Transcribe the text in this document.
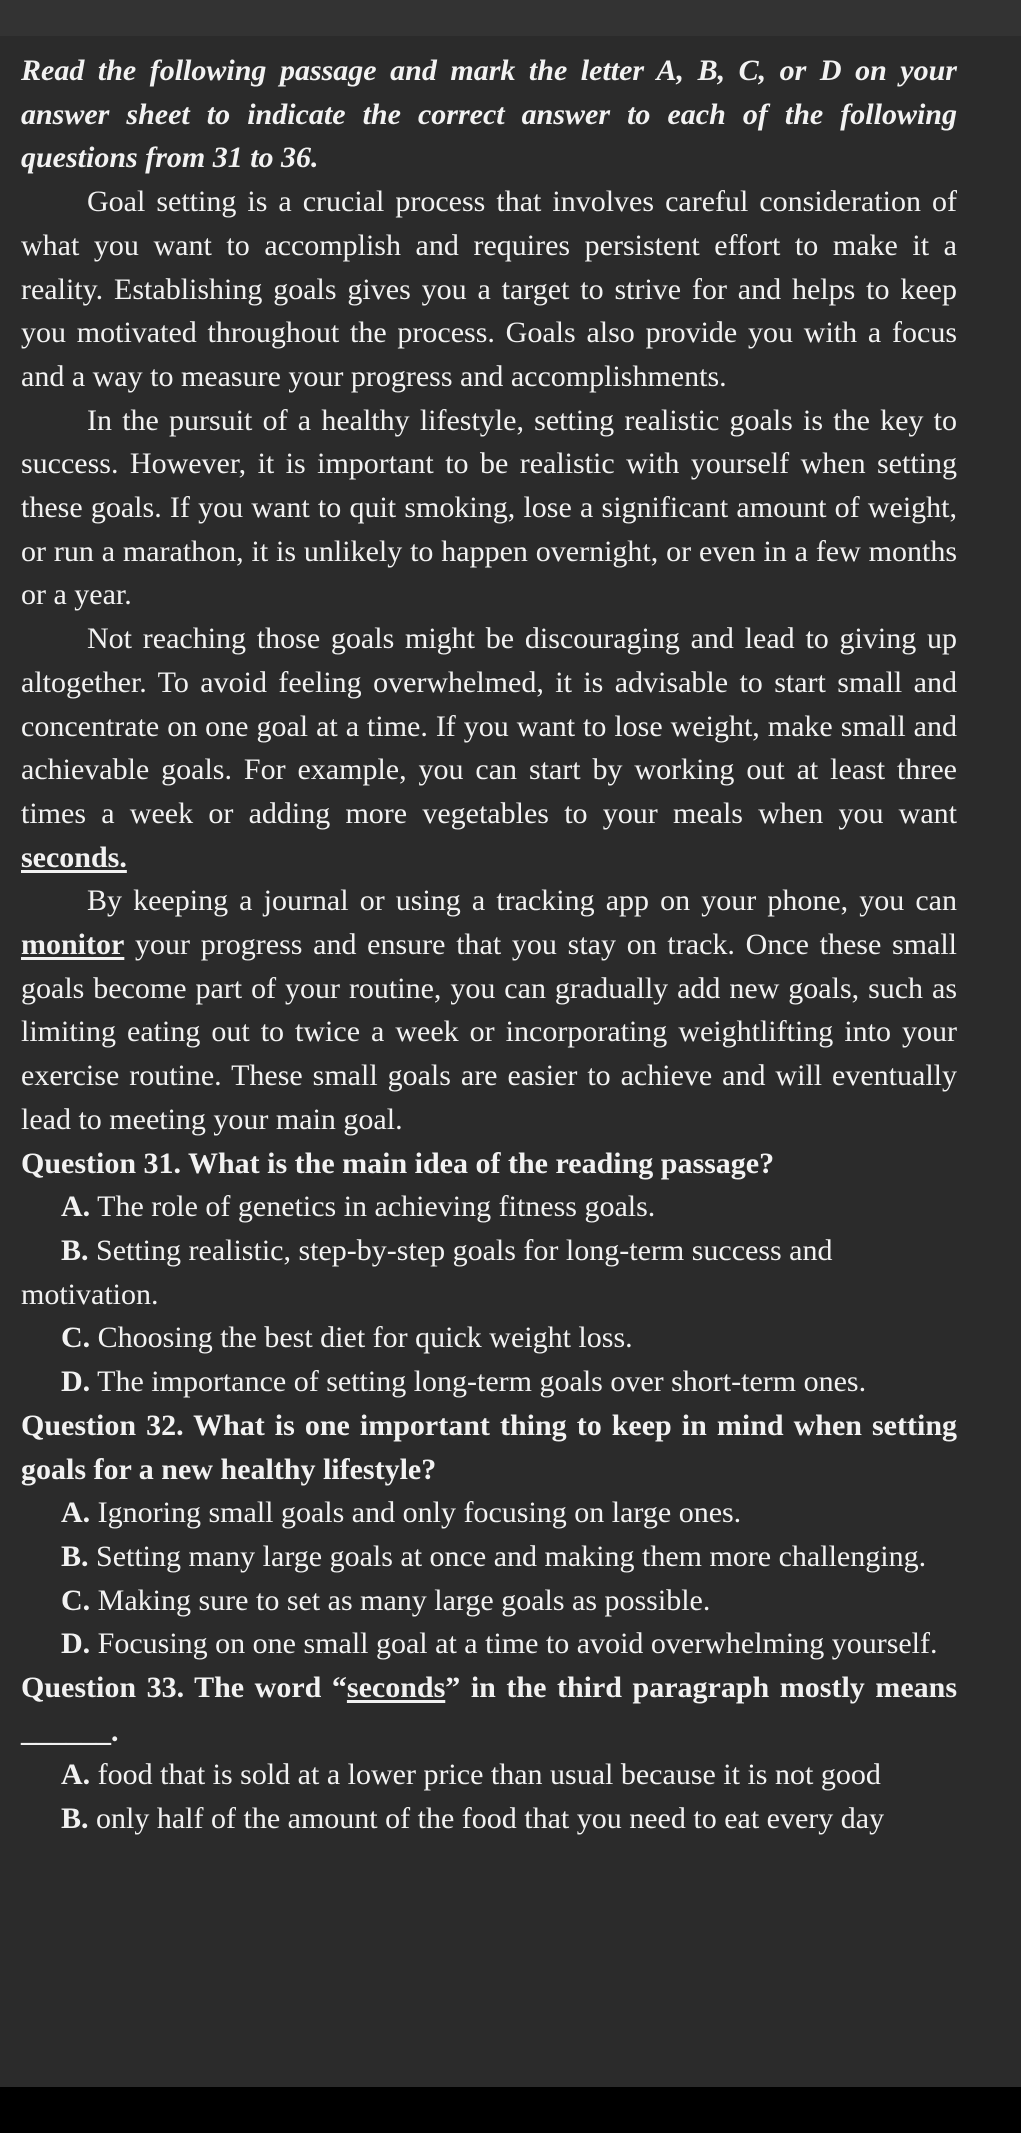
Read the following passage and mark the letter A, B, C, or D on your answer sheet to indicate the correct answer to each of the following questions from 31 to 36.

Goal setting is a crucial process that involves careful consideration of what you want to accomplish and requires persistent effort to make it a reality. Establishing goals gives you a target to strive for and helps to keep you motivated throughout the process. Goals also provide you with a focus and a way to measure your progress and accomplishments.

In the pursuit of a healthy lifestyle, setting realistic goals is the key to success. However, it is important to be realistic with yourself when setting these goals. If you want to quit smoking, lose a significant amount of weight, or run a marathon, it is unlikely to happen overnight, or even in a few months or a year.

Not reaching those goals might be discouraging and lead to giving up altogether. To avoid feeling overwhelmed, it is advisable to start small and concentrate on one goal at a time. If you want to lose weight, make small and achievable goals. For example, you can start by working out at least three times a week or adding more vegetables to your meals when you want seconds.

By keeping a journal or using a tracking app on your phone, you can monitor your progress and ensure that you stay on track. Once these small goals become part of your routine, you can gradually add new goals, such as limiting eating out to twice a week or incorporating weightlifting into your exercise routine. These small goals are easier to achieve and will eventually lead to meeting your main goal.

Question 31. What is the main idea of the reading passage?

A. The role of genetics in achieving fitness goals.

B. Setting realistic, step-by-step goals for long-term success and motivation.

C. Choosing the best diet for quick weight loss.

D. The importance of setting long-term goals over short-term ones.

Question 32. What is one important thing to keep in mind when setting goals for a new healthy lifestyle?

A. Ignoring small goals and only focusing on large ones.

B. Setting many large goals at once and making them more challenging.

C. Making sure to set as many large goals as possible.

D. Focusing on one small goal at a time to avoid overwhelming yourself.

Question 33. The word “seconds” in the third paragraph mostly means ______.

A. food that is sold at a lower price than usual because it is not good

B. only half of the amount of the food that you need to eat every day
